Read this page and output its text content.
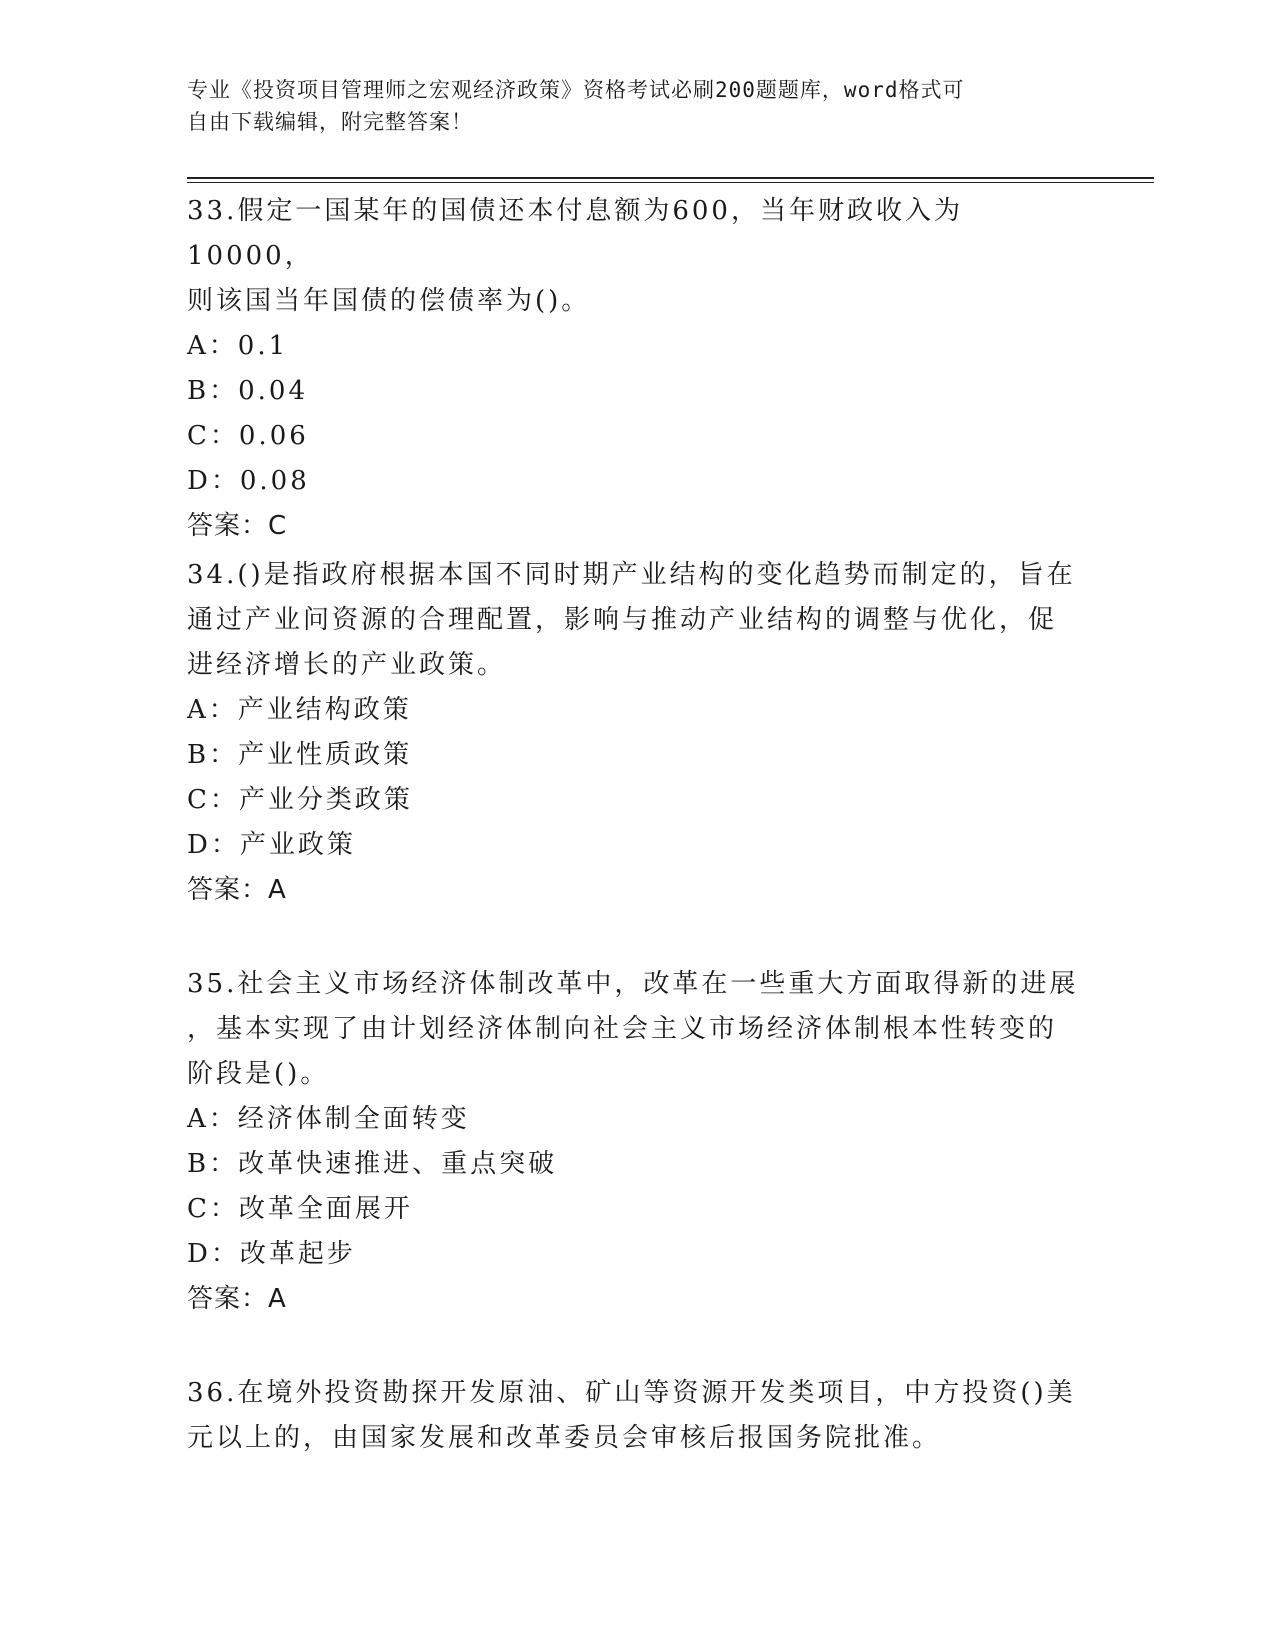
专业《投资项目管理师之宏观经济政策》资格考试必刷200题题库，word格式可
自由下载编辑，附完整答案！
33.假定一国某年的国债还本付息额为600，当年财政收入为10000，
则该国当年国债的偿债率为()。
A：0.1
B：0.04
C：0.06
D：0.08
答案：C
34.()是指政府根据本国不同时期产业结构的变化趋势而制定的，旨在
通过产业问资源的合理配置，影响与推动产业结构的调整与优化，促
进经济增长的产业政策。
A：产业结构政策
B：产业性质政策
C：产业分类政策
D：产业政策
答案：A
35.社会主义市场经济体制改革中，改革在一些重大方面取得新的进展
，基本实现了由计划经济体制向社会主义市场经济体制根本性转变的
阶段是()。
A：经济体制全面转变
B：改革快速推进、重点突破
C：改革全面展开
D：改革起步
答案：A
36.在境外投资勘探开发原油、矿山等资源开发类项目，中方投资()美
元以上的，由国家发展和改革委员会审核后报国务院批准。
